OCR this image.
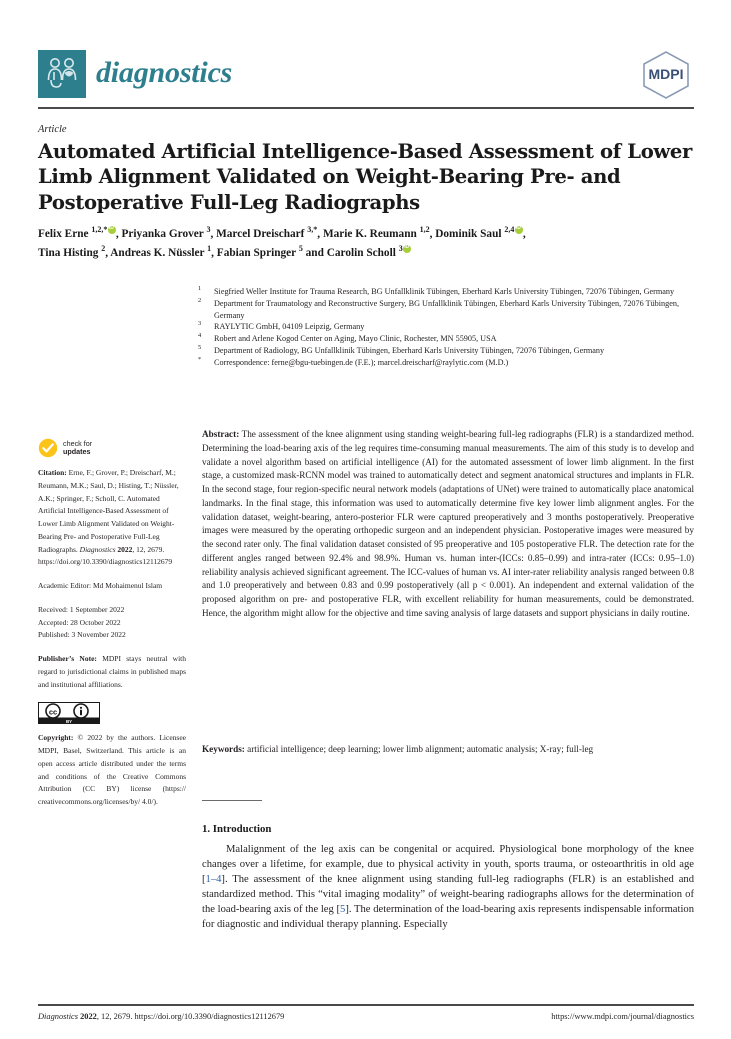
diagnostics	MDPI
Article
Automated Artificial Intelligence-Based Assessment of Lower Limb Alignment Validated on Weight-Bearing Pre- and Postoperative Full-Leg Radiographs
Felix Erne $^{1,2,*}$ iD , Priyanka Grover $^3$, Marcel Dreischarf $^{3,*}$, Marie K. Reumann $^{1,2}$, Dominik Saul $^{2,4}$ iD ,
Tina Histing $^2$, Andreas K. Nüssler $^1$, Fabian Springer $^5$ and Carolin Scholl $^3$iD
1	Siegfried Weller Institute for Trauma Research, BG Unfallklinik Tübingen, Eberhard Karls University Tübingen, 72076 Tübingen, Germany
2	Department for Traumatology and Reconstructive Surgery, BG Unfallklinik Tübingen, Eberhard Karls University Tübingen, 72076 Tübingen, Germany
3	RAYLYTIC GmbH, 04109 Leipzig, Germany
4	Robert and Arlene Kogod Center on Aging, Mayo Clinic, Rochester, MN 55905, USA
5	Department of Radiology, BG Unfallklinik Tübingen, Eberhard Karls University Tübingen, 72076 Tübingen, Germany
*	Correspondence: ferne@bgu-tuebingen.de (F.E.); marcel.dreischarf@raylytic.com (M.D.)
check for
updates
Citation: Erne, F.; Grover, P.; Dreischarf, M.; Reumann, M.K.; Saul, D.; Histing, T.; Nüssler, A.K.; Springer, F.; Scholl, C. Automated Artificial Intelligence-Based Assessment of Lower Limb Alignment Validated on Weight-Bearing Pre- and Postoperative Full-Leg Radiographs. Diagnostics 2022, 12, 2679. https://doi.org/10.3390/diagnostics12112679
Academic Editor: Md Mohaimenul Islam
Received: 1 September 2022
Accepted: 28 October 2022
Published: 3 November 2022
Publisher’s Note: MDPI stays neutral with regard to jurisdictional claims in published maps and institutional affiliations.
cc
BY
Copyright: © 2022 by the authors. Licensee MDPI, Basel, Switzerland. This article is an open access article distributed under the terms and conditions of the Creative Commons Attribution (CC BY) license (https:// creativecommons.org/licenses/by/ 4.0/).
Abstract: The assessment of the knee alignment using standing weight-bearing full-leg radiographs (FLR) is a standardized method. Determining the load-bearing axis of the leg requires time-consuming manual measurements. The aim of this study is to develop and validate a novel algorithm based on artificial intelligence (AI) for the automated assessment of lower limb alignment. In the first stage, a customized mask-RCNN model was trained to automatically detect and segment anatomical structures and implants in FLR. In the second stage, four region-specific neural network models (adaptations of UNet) were trained to automatically place anatomical landmarks. In the final stage, this information was used to automatically determine five key lower limb alignment angles. For the validation dataset, weight-bearing, antero-posterior FLR were captured preoperatively and 3 months postoperatively. Preoperative images were measured by the operating orthopedic surgeon and an independent physician. Postoperative images were measured by the second rater only. The final validation dataset consisted of 95 preoperative and 105 postoperative FLR. The detection rate for the different angles ranged between 92.4% and 98.9%. Human vs. human inter-(ICCs: 0.85–0.99) and intra-rater (ICCs: 0.95–1.0) reliability analysis achieved significant agreement. The ICC-values of human vs. AI inter-rater reliability analysis ranged between 0.8 and 1.0 preoperatively and between 0.83 and 0.99 postoperatively (all p < 0.001). An independent and external validation of the proposed algorithm on pre- and postoperative FLR, with excellent reliability for human measurements, could be demonstrated. Hence, the algorithm might allow for the objective and time saving analysis of large datasets and support physicians in daily routine.
Keywords: artificial intelligence; deep learning; lower limb alignment; automatic analysis; X-ray; full-leg
1. Introduction
Malalignment of the leg axis can be congenital or acquired. Physiological bone morphology of the knee changes over a lifetime, for example, due to physical activity in youth, sports trauma, or osteoarthritis in old age [1–4]. The assessment of the knee alignment using standing full-leg radiographs (FLR) is an established and standardized method. This “vital imaging modality” of weight-bearing radiographs allows for the determination of the load-bearing axis of the leg [5]. The determination of the load-bearing axis represents indispensable information for diagnostic and individual therapy planning. Especially
Diagnostics 2022, 12, 2679. https://doi.org/10.3390/diagnostics12112679	https://www.mdpi.com/journal/diagnostics
